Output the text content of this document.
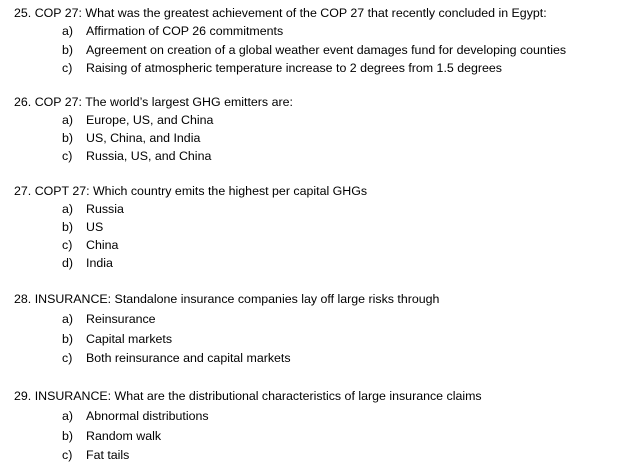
25. COP 27: What was the greatest achievement of the COP 27 that recently concluded in Egypt:
a) Affirmation of COP 26 commitments
b) Agreement on creation of a global weather event damages fund for developing counties
c) Raising of atmospheric temperature increase to 2 degrees from 1.5 degrees
26. COP 27: The world’s largest GHG emitters are:
a) Europe, US, and China
b) US, China, and India
c) Russia, US, and China
27. COPT 27: Which country emits the highest per capital GHGs
a) Russia
b) US
c) China
d) India
28. INSURANCE: Standalone insurance companies lay off large risks through
a) Reinsurance
b) Capital markets
c) Both reinsurance and capital markets
29. INSURANCE: What are the distributional characteristics of large insurance claims
a) Abnormal distributions
b) Random walk
c) Fat tails
